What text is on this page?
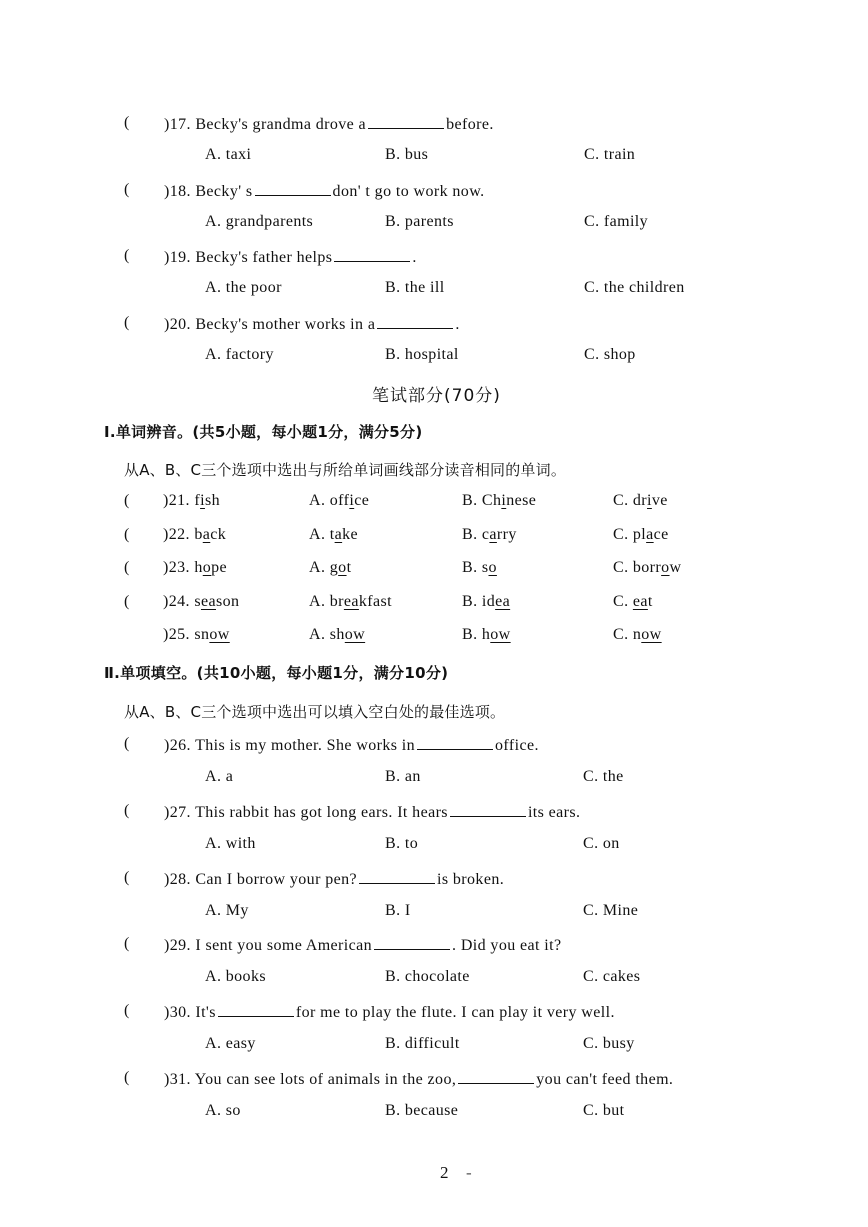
( )17. Becky's grandma drove a	before.
A. taxi	B. bus	C. train
( )18. Becky' s	don' t go to work now.
A. grandparents	B. parents	C. family
( )19. Becky's father helps	.
A. the poor	B. the ill	C. the children
( )20. Becky's mother works in a	.
A. factory	B. hospital	C. shop
笔试部分(70分)
Ⅰ.单词辨音。(共5小题，每小题1分，满分5分)
从A、B、C三个选项中选出与所给单词画线部分读音相同的单词。
( )21. fish	A. office	B. Chinese	C. drive
( )22. back	A. take	B. carry	C. place
( )23. hope	A. got	B. so	C. borrow
( )24. season	A. breakfast	B. idea	C. eat
)25. snow	A. show	B. how	C. now
Ⅱ.单项填空。(共10小题，每小题1分，满分10分)
从A、B、C三个选项中选出可以填入空白处的最佳选项。
( )26. This is my mother. She works in	office.
A. a	B. an	C. the
( )27. This rabbit has got long ears. It hears	its ears.
A. with	B. to	C. on
( )28. Can I borrow your pen?	is broken.
A. My	B. I	C. Mine
( )29. I sent you some American	. Did you eat it?
A. books	B. chocolate	C. cakes
( )30. It's	for me to play the flute. I can play it very well.
A. easy	B. difficult	C. busy
( )31. You can see lots of animals in the zoo,	you can't feed them.
A. so	B. because	C. but
2 -
